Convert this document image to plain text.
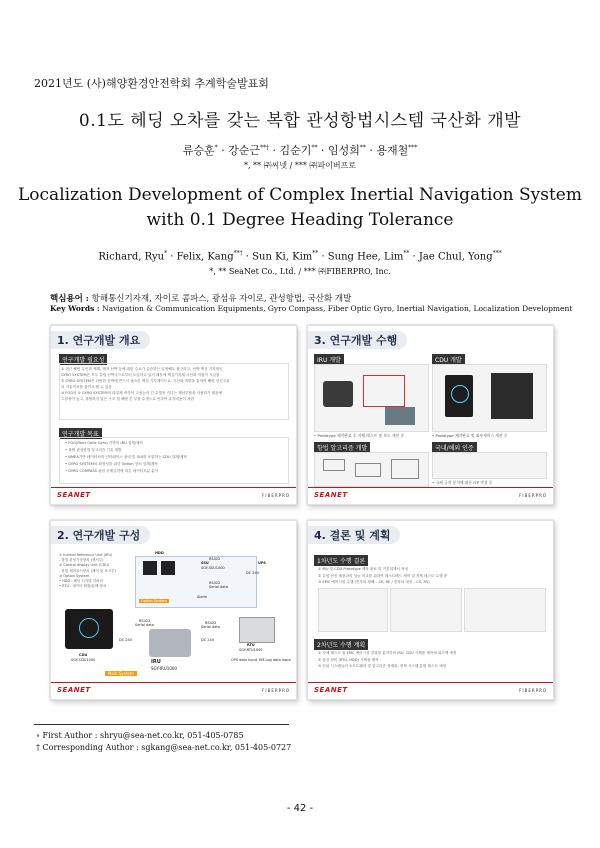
2021년도 (사)해양환경안전학회 추계학술발표회
0.1도 헤딩 오차를 갖는 복합 관성항법시스템 국산화 개발
류승훈* · 강순근**† · 김순기** · 임성희** · 용재철***
*, ** ㈜씨넷 / *** ㈜파이버프로
Localization Development of Complex Inertial Navigation System
with 0.1 Degree Heading Tolerance
Richard, Ryu* · Felix, Kang**† · Sun Ki, Kim** · Sung Hee, Lim** · Jae Chul, Yong***
*, ** SeaNet Co., Ltd. / *** ㈜FIBERPRO, Inc.
핵심용어 : 항해통신기자재, 자이로 콤파스, 광섬유 자이로, 관성항법, 국산화 개발
Key Words : Navigation & Communication Equipments, Gyro Compass, Fiber Optic Gyro, Inertial Navigation, Localization Development
1. 연구개발 개요
연구개발 필요성
① 최근 해양 무인화 체계, 레저 선박 등에 대한 수요가 급증하는 일정해도 불구하고, 선박 핵심 기자재인
GYRO SYSTEM은 모두 유럽 선박국으로부터 도입하고 있기 때문에 핵심기자재 국산화 지원이 시급함
② GYRO SYSTEM은 다양한 선박에 반드시 필요한 핵심 기자재이므로, 국산화 개발을 통하여 해양 선진국과
의 기술격차를 줄이고 할 수 있음
③ FOG의 ① GYRO SYSTEM의 타업체 비하여 고성능의 긴 수명을 지니는 제삼부품을 사용하기 때문에
고장성이 높고, 복합하지 않은 구조 및 해양 긴 부품 수명으로 인하여 유지비용이 저렴
연구개발 목표
• FOG(Fiber Optic Gyro) 기반의 IRU 설계/제작
• 복합 관성항법 알고리즘 기술 개발
• NMEA기반 데이터처리 인터페이스 장비 및 GUI를 포함하는 CDU 설계/제작
• GYRO SYSTEM의 확장성을 위한 Option 장치 설계/제작
• GYRO COMPASS 관련 국제규격에 따른 데이터모분 분석
SEANET	FIBERPRO
3. 연구개발 수행
IRU 개발
• Prototype 제작완료 후 자체 테스트 및 보드 개선 중
CDU 개발
• Prototype 제작완료 및 외부케이스 개선 중
항법 알고리즘 개발	국내/해외 인증
• 국제 규격 분석에 따른 ITP 작성 중
SEANET	FIBERPRO
2. 연구개발 구성
① Inertial Reference Unit (IRU)
- 항법 관성기준장치 (센서부)
② Control display Unit (CDU)
- 항법 제어표시장치 (제어 및 표시부)
③ Option System
• HDD : 헤딩 디지털 리피터
• RTU : 데이터 확장/분배 장치
Option System
HDD
SSU
SGY-SSU1000
UPS
RS422
RS422
Serial data
DC 24V
Alarm
RS422
Serial data	RS422
Serial data
DC 24V	DC 24V
CDU
SGY-CDU1000	IRU
SGY-IRU1000
RTU
SGY-RTU1000
GPS data input EM-Log data input
Main System
SEANET	FIBERPRO
4. 결론 및 계획
1차년도 수행 결론
① IRU 및 CDU Prototype 제작 완료 및 기본설계서 작성
② 유럽 선진 제품과의 성능 비교를 위하여 테스트베드 제작 및 자체 테스트 수행 중
③ EMC 예비시험 수행 (전자파 장해 – CE, RE / 전자파 내성 – CS, RS)
2차년도 수행 계획
① 자체 테스트 및 EMC 예비시험 결과를 분석하여 IRU, CDU 시제품 제작에 피드백 예정
② 옵션 장비 (RTU, HDD) 시제품 제작
③ 단위 시스템들의 소프트웨어 및 알고리즘 정제화, 전체 시스템 통합 테스트 예정
SEANET	FIBERPRO
∘ First Author : shryu@sea-net.co.kr, 051-405-0785
† Corresponding Author : sgkang@sea-net.co.kr, 051-405-0727
- 42 -
